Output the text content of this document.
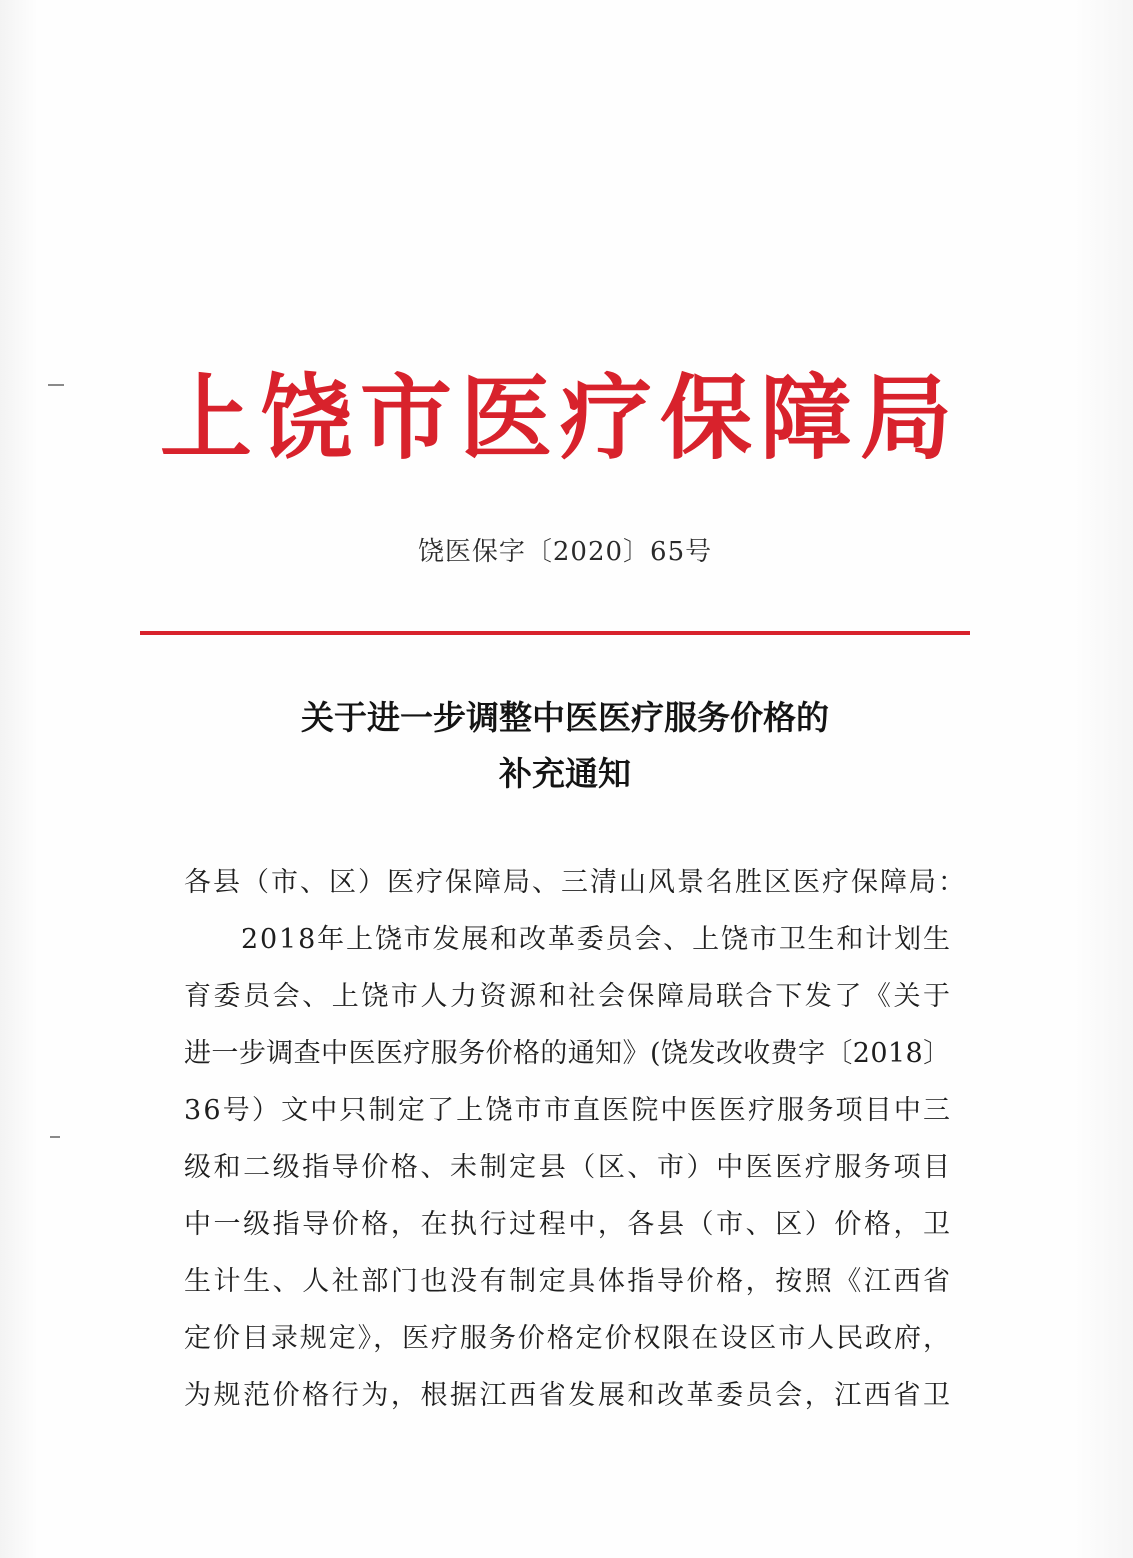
上饶市医疗保障局
饶医保字〔2020〕65号
关于进一步调整中医医疗服务价格的
补充通知
各县（市、区）医疗保障局、三清山风景名胜区医疗保障局：
2018年上饶市发展和改革委员会、上饶市卫生和计划生
育委员会、上饶市人力资源和社会保障局联合下发了《关于
进一步调查中医医疗服务价格的通知》(饶发改收费字〔2018〕
36号）文中只制定了上饶市市直医院中医医疗服务项目中三
级和二级指导价格、未制定县（区、市）中医医疗服务项目
中一级指导价格，在执行过程中，各县（市、区）价格，卫
生计生、人社部门也没有制定具体指导价格，按照《江西省
定价目录规定》，医疗服务价格定价权限在设区市人民政府，
为规范价格行为，根据江西省发展和改革委员会，江西省卫
